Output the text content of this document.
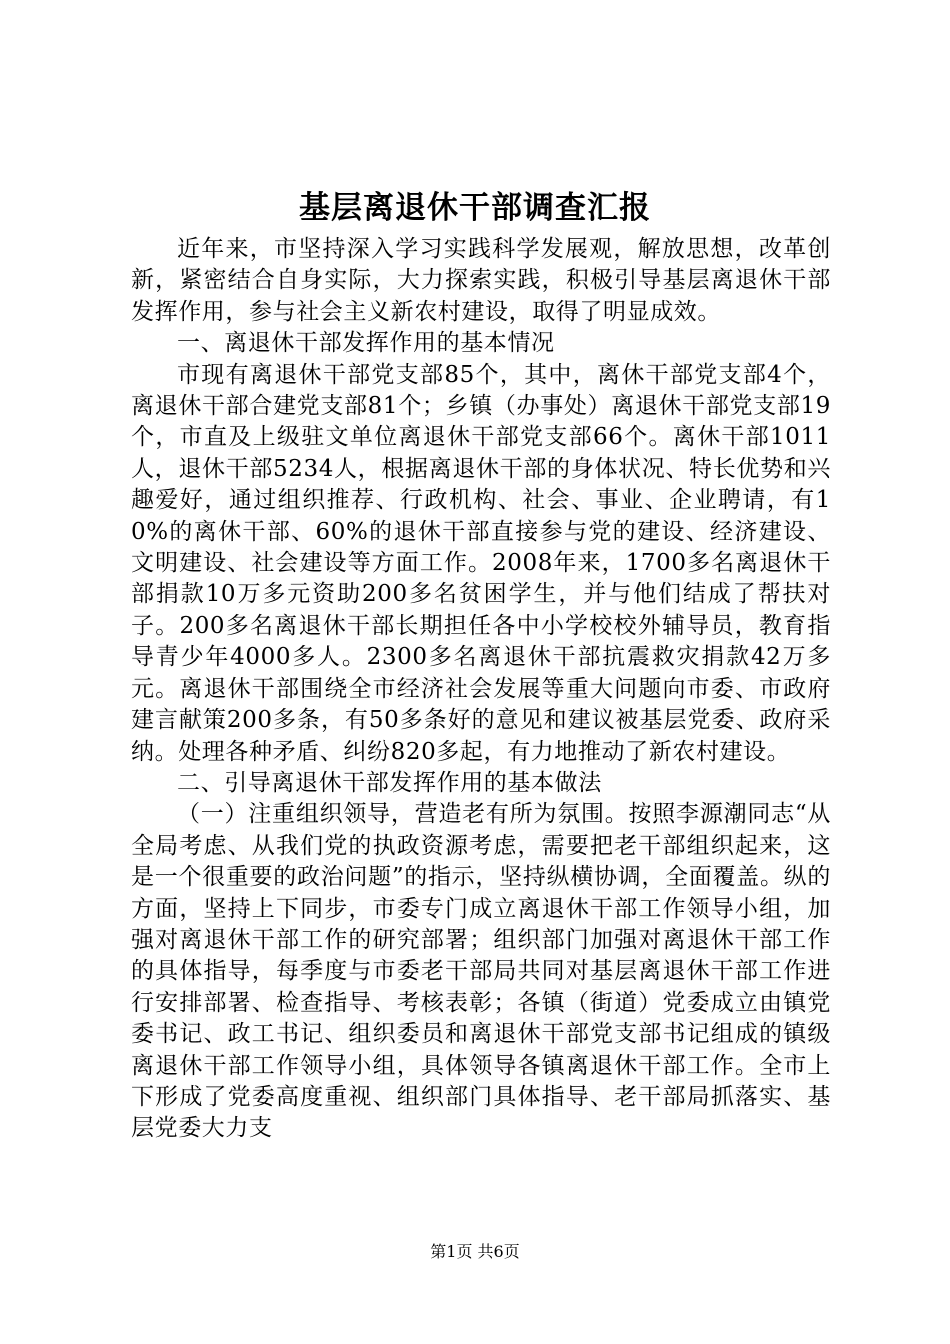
基层离退休干部调查汇报

近年来，市坚持深入学习实践科学发展观，解放思想，改革创新，紧密结合自身实际，大力探索实践，积极引导基层离退休干部发挥作用，参与社会主义新农村建设，取得了明显成效。

一、离退休干部发挥作用的基本情况

市现有离退休干部党支部85个，其中，离休干部党支部4个，离退休干部合建党支部81个；乡镇（办事处）离退休干部党支部19个，市直及上级驻文单位离退休干部党支部66个。离休干部1011人，退休干部5234人，根据离退休干部的身体状况、特长优势和兴趣爱好，通过组织推荐、行政机构、社会、事业、企业聘请，有10%的离休干部、60%的退休干部直接参与党的建设、经济建设、文明建设、社会建设等方面工作。2008年来，1700多名离退休干部捐款10万多元资助200多名贫困学生，并与他们结成了帮扶对子。200多名离退休干部长期担任各中小学校校外辅导员，教育指导青少年4000多人。2300多名离退休干部抗震救灾捐款42万多元。离退休干部围绕全市经济社会发展等重大问题向市委、市政府建言献策200多条，有50多条好的意见和建议被基层党委、政府采纳。处理各种矛盾、纠纷820多起，有力地推动了新农村建设。

二、引导离退休干部发挥作用的基本做法

（一）注重组织领导，营造老有所为氛围。按照李源潮同志“从全局考虑、从我们党的执政资源考虑，需要把老干部组织起来，这是一个很重要的政治问题”的指示，坚持纵横协调，全面覆盖。纵的方面，坚持上下同步，市委专门成立离退休干部工作领导小组，加强对离退休干部工作的研究部署；组织部门加强对离退休干部工作的具体指导，每季度与市委老干部局共同对基层离退休干部工作进行安排部署、检查指导、考核表彰；各镇（街道）党委成立由镇党委书记、政工书记、组织委员和离退休干部党支部书记组成的镇级离退休干部工作领导小组，具体领导各镇离退休干部工作。全市上下形成了党委高度重视、组织部门具体指导、老干部局抓落实、基层党委大力支

第1页 共6页
